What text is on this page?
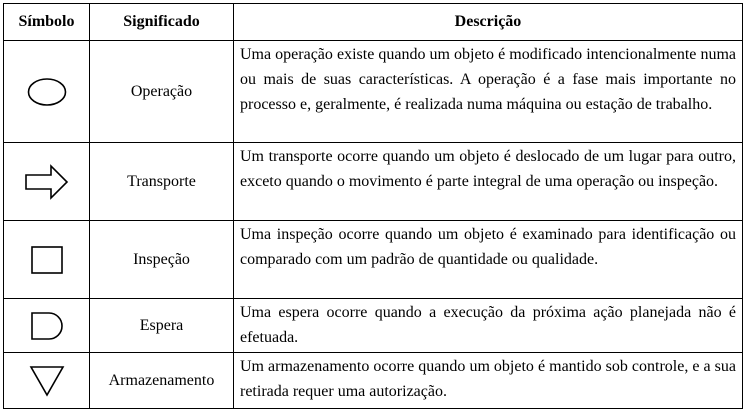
Símbolo	Significado	Descrição

	Operação	Uma operação existe quando um objeto é modificado intencionalmente numa ou mais de suas características. A operação é a fase mais importante no processo e, geralmente, é realizada numa máquina ou estação de trabalho.

	Transporte	Um transporte ocorre quando um objeto é deslocado de um lugar para outro, exceto quando o movimento é parte integral de uma operação ou inspeção.

	Inspeção	Uma inspeção ocorre quando um objeto é examinado para identificação ou comparado com um padrão de quantidade ou qualidade.

	Espera	Uma espera ocorre quando a execução da próxima ação planejada não é efetuada.

	Armazenamento	Um armazenamento ocorre quando um objeto é mantido sob controle, e a sua retirada requer uma autorização.
